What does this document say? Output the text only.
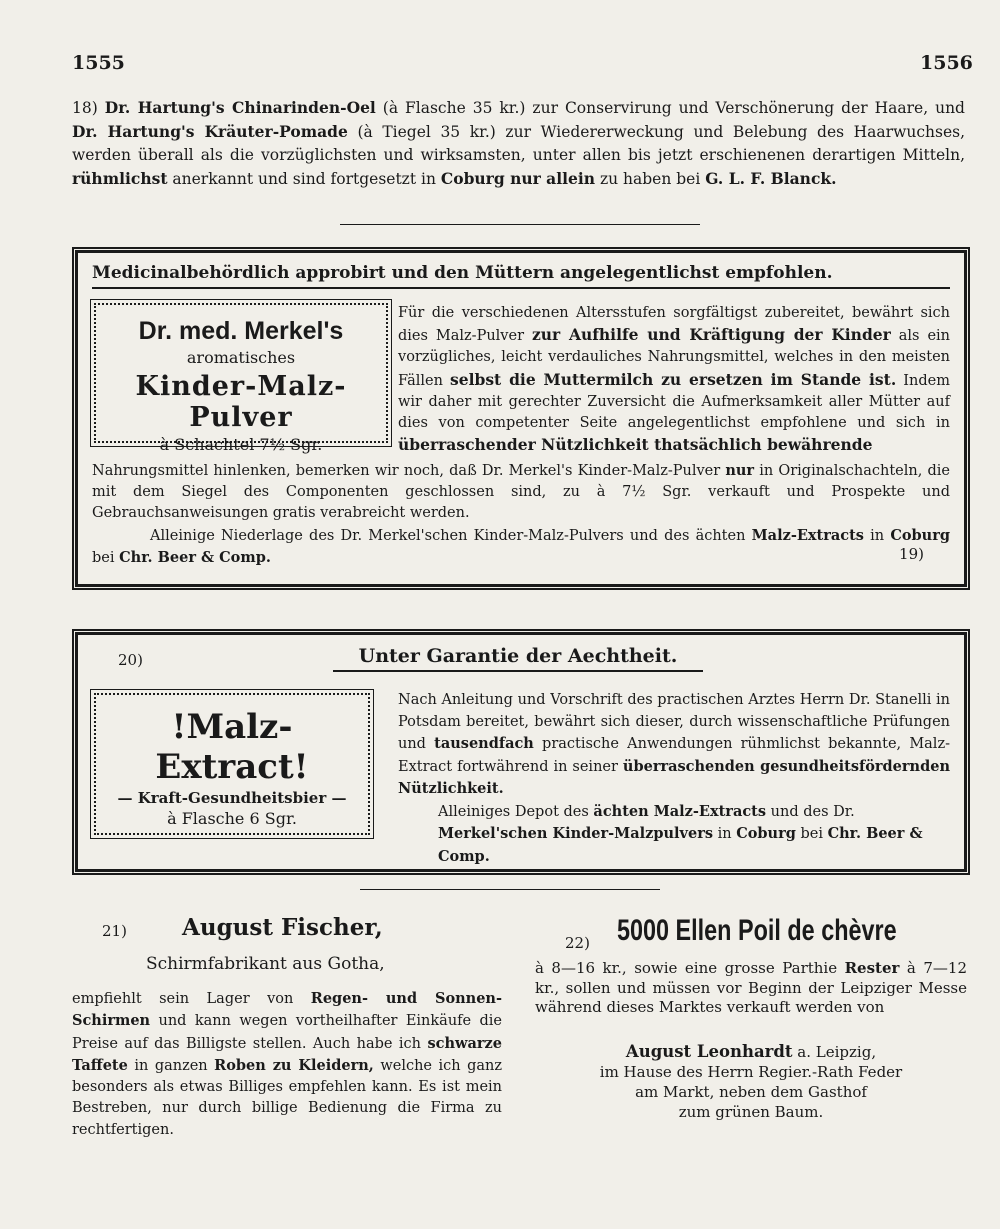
1555	1556
18) Dr. Hartung's Chinarinden-Oel (à Flasche 35 kr.) zur Conservirung und Verschönerung der Haare, und Dr. Hartung's Kräuter-Pomade (à Tiegel 35 kr.) zur Wiedererweckung und Belebung des Haarwuchses, werden überall als die vorzüglichsten und wirksamsten, unter allen bis jetzt erschienenen derartigen Mitteln, rühmlichst anerkannt und sind fortgesetzt in Coburg nur allein zu haben bei G. L. F. Blanck.
Medicinalbehördlich approbirt und den Müttern angelegentlichst empfohlen.
Dr. med. Merkel's
aromatisches
Kinder-Malz-Pulver
à Schachtel 7½ Sgr.
Für die verschiedenen Altersstufen sorgfältigst zubereitet, bewährt sich dies Malz-Pulver zur Aufhilfe und Kräftigung der Kinder als ein vorzügliches, leicht verdauliches Nahrungsmittel, welches in den meisten Fällen selbst die Muttermilch zu ersetzen im Stande ist. Indem wir daher mit gerechter Zuversicht die Aufmerksamkeit aller Mütter auf dies von competenter Seite angelegentlichst empfohlene und sich in überraschender Nützlichkeit thatsächlich bewährende
Nahrungsmittel hinlenken, bemerken wir noch, daß Dr. Merkel's Kinder-Malz-Pulver nur in Originalschachteln, die mit dem Siegel des Componenten geschlossen sind, zu à 7½ Sgr. verkauft und Prospekte und Gebrauchsanweisungen gratis verabreicht werden.
Alleinige Niederlage des Dr. Merkel'schen Kinder-Malz-Pulvers und des ächten Malz-Extracts in Coburg bei Chr. Beer & Comp.	19)
20)	Unter Garantie der Aechtheit.
!Malz-Extract!
— Kraft-Gesundheitsbier —
à Flasche 6 Sgr.
Nach Anleitung und Vorschrift des practischen Arztes Herrn Dr. Stanelli in Potsdam bereitet, bewährt sich dieser, durch wissenschaftliche Prüfungen und tausendfach practische Anwendungen rühmlichst bekannte, Malz-Extract fortwährend in seiner überraschenden gesundheitsfördernden Nützlichkeit.
Alleiniges Depot des ächten Malz-Extracts und des Dr. Merkel'schen Kinder-Malzpulvers in Coburg bei Chr. Beer & Comp.
21) August Fischer,
Schirmfabrikant aus Gotha,
empfiehlt sein Lager von Regen- und Sonnen-Schirmen und kann wegen vortheilhafter Einkäufe die Preise auf das Billigste stellen. Auch habe ich schwarze Taffete in ganzen Roben zu Kleidern, welche ich ganz besonders als etwas Billiges empfehlen kann. Es ist mein Bestreben, nur durch billige Bedienung die Firma zu rechtfertigen.
22) 5000 Ellen Poil de chèvre
à 8—16 kr., sowie eine grosse Parthie Rester à 7—12 kr., sollen und müssen vor Beginn der Leipziger Messe während dieses Marktes verkauft werden von
August Leonhardt a. Leipzig,
im Hause des Herrn Regier.-Rath Feder
am Markt, neben dem Gasthof
zum grünen Baum.
